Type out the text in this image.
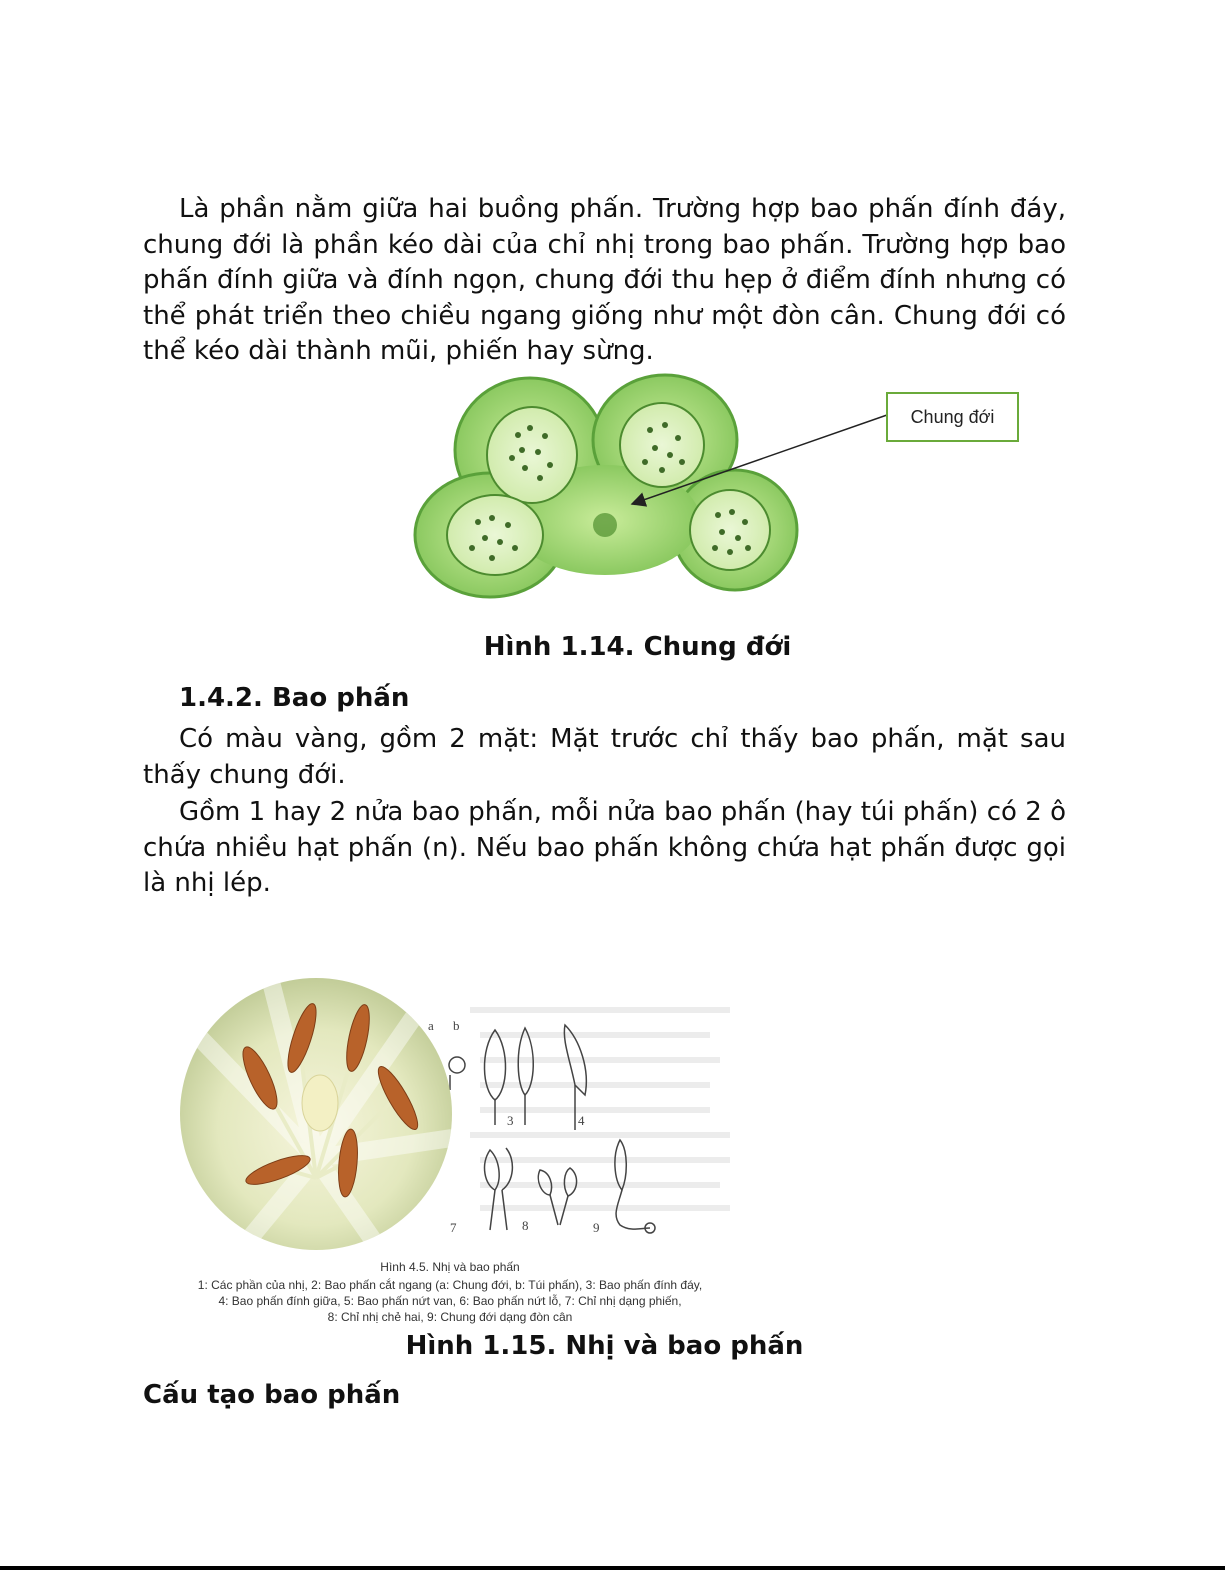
Là phần nằm giữa hai buồng phấn. Trường hợp bao phấn đính đáy, chung đới là phần kéo dài của chỉ nhị trong bao phấn. Trường hợp bao phấn đính giữa và đính ngọn, chung đới thu hẹp ở điểm đính nhưng có thể phát triển theo chiều ngang giống như một đòn cân. Chung đới có thể kéo dài thành mũi, phiến hay sừng.

Chung đới

Hình 1.14. Chung đới

1.4.2. Bao phấn

Có màu vàng, gồm 2 mặt: Mặt trước chỉ thấy bao phấn, mặt sau thấy chung đới.

Gồm 1 hay 2 nửa bao phấn, mỗi nửa bao phấn (hay túi phấn) có 2 ô chứa nhiều hạt phấn (n). Nếu bao phấn không chứa hạt phấn được gọi là nhị lép.

a b
3	4
7	8	9
Hình 4.5. Nhị và bao phấn
1: Các phần của nhị, 2: Bao phấn cắt ngang (a: Chung đới, b: Túi phấn), 3: Bao phấn đính đáy,
4: Bao phấn đính giữa, 5: Bao phấn nứt van, 6: Bao phấn nứt lỗ, 7: Chỉ nhị dạng phiến,
8: Chỉ nhị chẻ hai, 9: Chung đới dạng đòn cân

Hình 1.15. Nhị và bao phấn

Cấu tạo bao phấn
